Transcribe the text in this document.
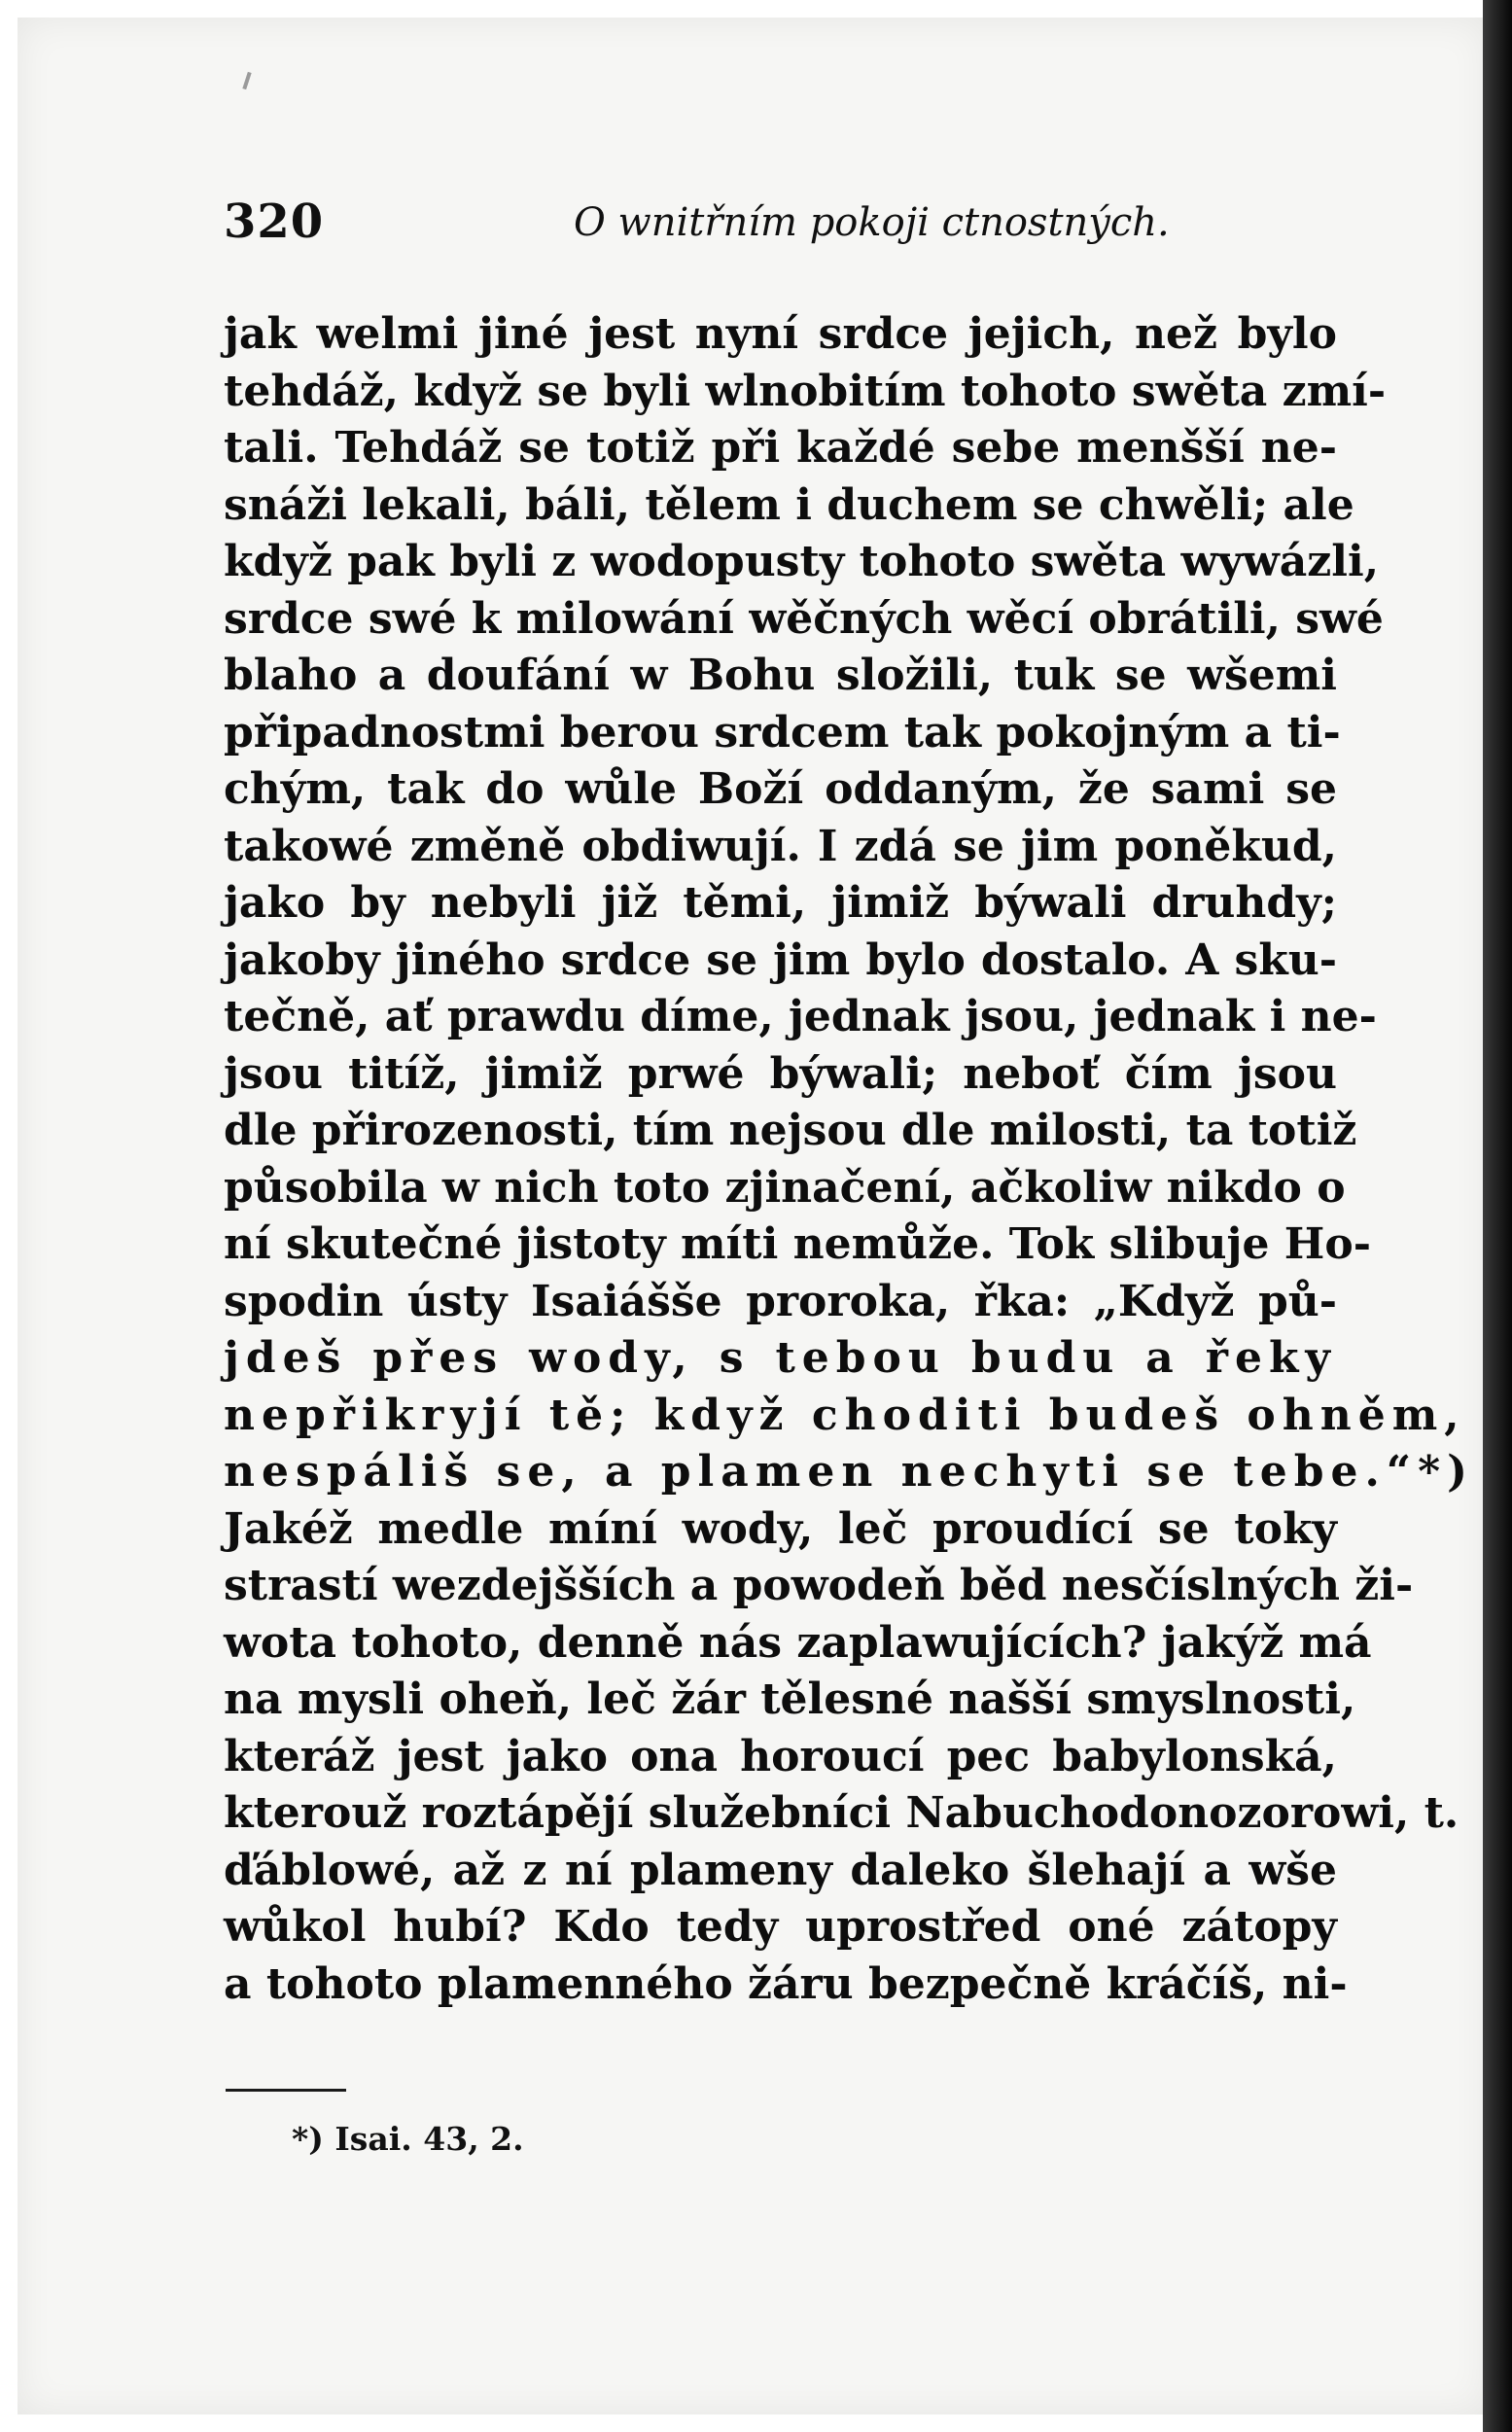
320	O wnitřním pokoji ctnostných.
jak welmi jiné jest nyní srdce jejich, než bylo
tehdáž, když se byli wlnobitím tohoto swěta zmí-
tali. Tehdáž se totiž při každé sebe menšší ne-
snáži lekali, báli, tělem i duchem se chwěli; ale
když pak byli z wodopusty tohoto swěta wywázli,
srdce swé k milowání wěčných wěcí obrátili, swé
blaho a doufání w Bohu složili, tuk se wšemi
připadnostmi berou srdcem tak pokojným a ti-
chým, tak do wůle Boží oddaným, že sami se
takowé změně obdiwují. I zdá se jim poněkud,
jako by nebyli již těmi, jimiž býwali druhdy;
jakoby jiného srdce se jim bylo dostalo. A sku-
tečně, ať prawdu díme, jednak jsou, jednak i ne-
jsou titíž, jimiž prwé býwali; neboť čím jsou
dle přirozenosti, tím nejsou dle milosti, ta totiž
působila w nich toto zjinačení, ačkoliw nikdo o
ní skutečné jistoty míti nemůže. Tok slibuje Ho-
spodin ústy Isaiášše proroka, řka: „Když pů-
jdeš přes wody, s tebou budu a řeky
nepřikryjí tě; když choditi budeš ohněm,
nespáliš se, a plamen nechyti se tebe.“*)
Jakéž medle míní wody, leč proudící se toky
strastí wezdejšších a powodeň běd nesčíslných ži-
wota tohoto, denně nás zaplawujících? jakýž má
na mysli oheň, leč žár tělesné našší smyslnosti,
kteráž jest jako ona horoucí pec babylonská,
kterouž roztápějí služebníci Nabuchodonozorowi, t.
ďáblowé, až z ní plameny daleko šlehají a wše
wůkol hubí? Kdo tedy uprostřed oné zátopy
a tohoto plamenného žáru bezpečně kráčíš, ni-
*) Isai. 43, 2.
